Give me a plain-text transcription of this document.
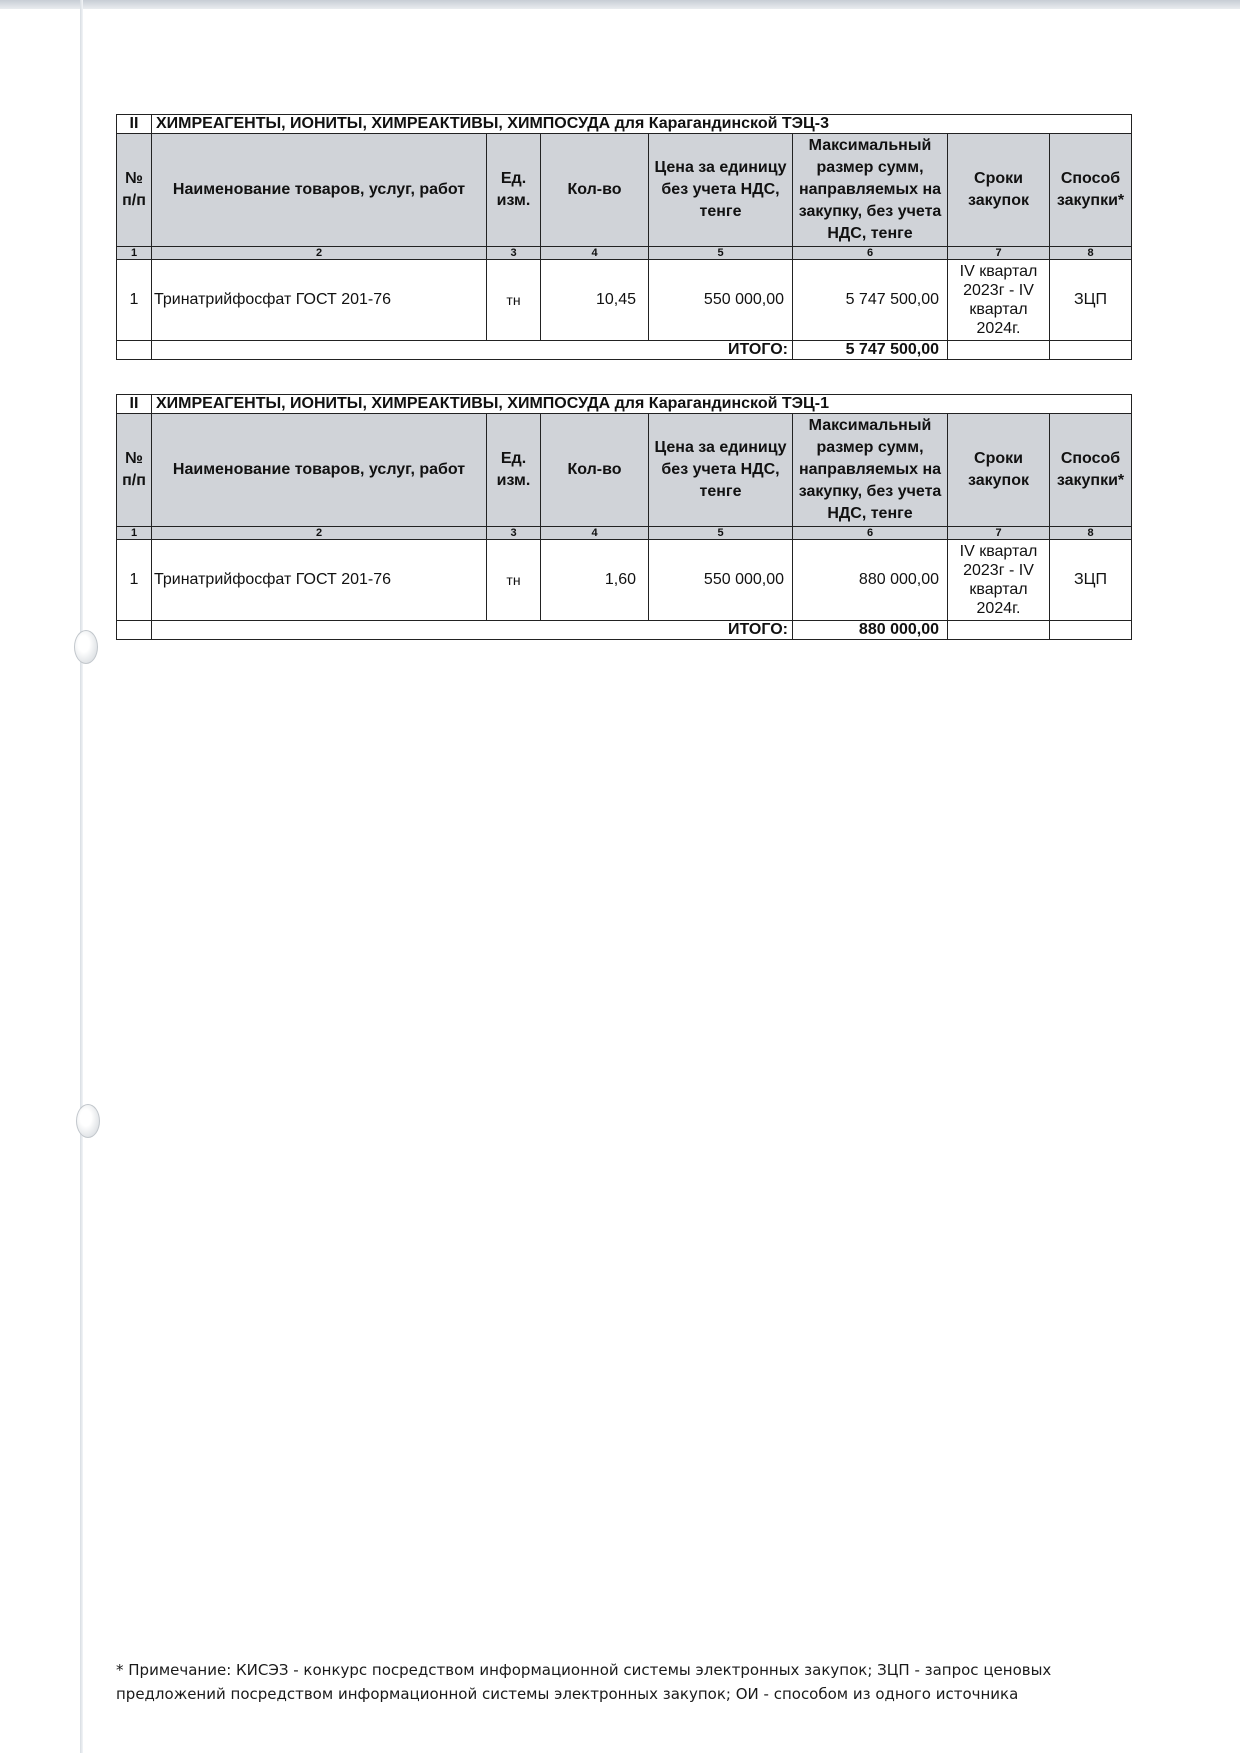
II	ХИМРЕАГЕНТЫ, ИОНИТЫ, ХИМРЕАКТИВЫ, ХИМПОСУДА для Карагандинской ТЭЦ-3						
№ п/п	Наименование товаров, услуг, работ	Ед. изм.	Кол-во	Цена за единицу без учета НДС, тенге	Максимальный размер сумм, направляемых на закупку, без учета НДС, тенге	Сроки закупок	Способ закупки*
1	2	3	4	5	6	7	8
1	Тринатрийфосфат ГОСТ 201-76	тн	10,45	550 000,00	5 747 500,00	IV квартал 2023г - IV квартал 2024г.	ЗЦП
	ИТОГО:				5 747 500,00		
II	ХИМРЕАГЕНТЫ, ИОНИТЫ, ХИМРЕАКТИВЫ, ХИМПОСУДА для Карагандинской ТЭЦ-1						
№ п/п	Наименование товаров, услуг, работ	Ед. изм.	Кол-во	Цена за единицу без учета НДС, тенге	Максимальный размер сумм, направляемых на закупку, без учета НДС, тенге	Сроки закупок	Способ закупки*
1	2	3	4	5	6	7	8
1	Тринатрийфосфат ГОСТ 201-76	тн	1,60	550 000,00	880 000,00	IV квартал 2023г - IV квартал 2024г.	ЗЦП
	ИТОГО:				880 000,00		
* Примечание: КИСЭЗ - конкурс посредством информационной системы электронных закупок; ЗЦП - запрос ценовых предложений посредством информационной системы электронных закупок; ОИ - способом из одного источника
